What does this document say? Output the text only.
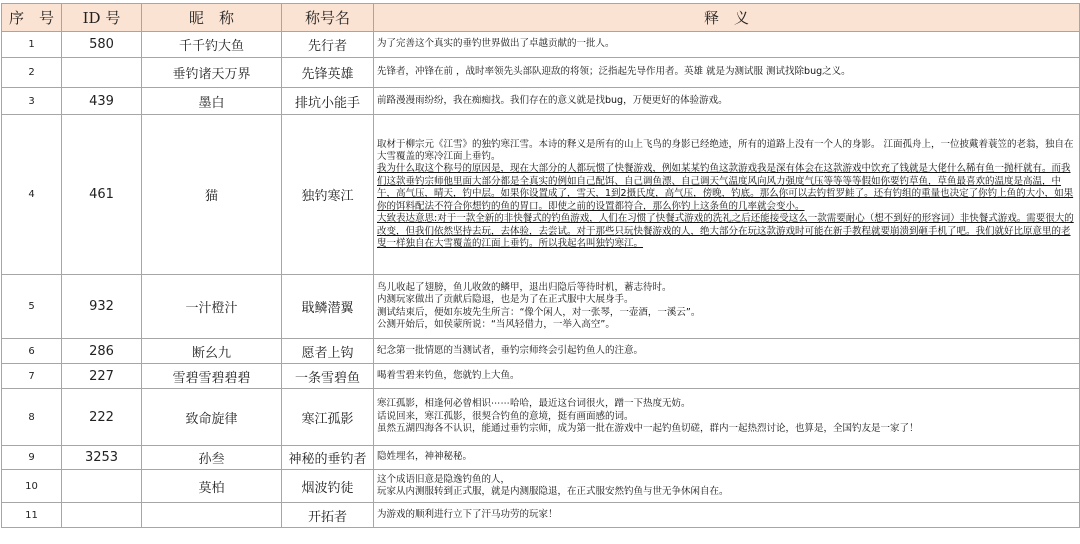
序　号	ID 号	昵　称	称号名	释　义
1	580	千千钓大鱼	先行者	为了完善这个真实的垂钓世界做出了卓越贡献的一批人。

2		垂钓诸天万界	先锋英雄	先锋者，冲锋在前 ，战时率领先头部队迎敌的将领；泛指起先导作用者。英雄 就是为测试服 测试找除bug之义。

3	439	墨白	排坑小能手	前路漫漫雨纷纷，我在痴痴找。我们存在的意义就是找bug，万便更好的体验游戏。

4	461	猫	独钓寒江	取材于柳宗元《江雪》的独钓寒江雪。本诗的释义是所有的山上飞鸟的身影已经绝迹，所有的道路上没有一个人的身影。 江面孤舟上，一位披戴着蓑笠的老翁，独自在大雪覆盖的寒冷江面上垂钓。
我为什么取这个称号的原因是，现在大部分的人都玩惯了快餐游戏，例如某某钓鱼这款游戏我是深有体会在这款游戏中饮充了钱就是大佬什么稀有鱼一抛杆就有。而我们这款垂钓宗师他里面大部分都是全真实的例如自己配饵、自己调鱼漂、自己调天气温度风向风力强度气压等等等等假如你要钓草鱼，草鱼最喜欢的温度是高温，中午，高气压，晴天，钓中层。如果你设置成了，雪天，1到2摄氏度，高气压，傍晚，钓底。那么你可以去钓哲罗鲑了。还有钓组的重量也决定了你钓上鱼的大小，如果你的饵料配法不符合你想钓的鱼的胃口。即使之前的设置都符合，那么你钓上这条鱼的几率就会变小。
大致表达意思:对于一款全新的非快餐式的钓鱼游戏，人们在习惯了快餐式游戏的洗礼之后还能接受这么一款需要耐心（想不到好的形容词）非快餐式游戏。需要很大的改变，但我们依然坚持去玩，去体验，去尝试。对于那些只玩快餐游戏的人，绝大部分在玩这款游戏时可能在新手教程就要崩溃到砸手机了吧。我们就好比原意里的老叟一样独自在大雪覆盖的江面上垂钓。所以我起名叫独钓寒江。

5	932	一汁橙汁	戢鳞潜翼	鸟儿收起了翅膀，鱼儿收敛的鳞甲，退出归隐后等待时机，蓄志待时。
内测玩家做出了贡献后隐退，也是为了在正式服中大展身手。
测试结束后，便如东坡先生所言：“像个闲人，对一张琴，一壶酒，一溪云”。
公测开始后，如侯蒙所说：“当风轻借力，一举入高空”。

6	286	断幺九	愿者上钩	纪念第一批情愿的当测试者，垂钓宗师终会引起钓鱼人的注意。

7	227	雪碧雪碧碧碧	一条雪碧鱼	喝着雪碧来钓鱼，您就钓上大鱼。

8	222	致命旋律	寒江孤影	寒江孤影，相逢何必曾相识⋯⋯哈哈，最近这台词很火，蹭一下热度无妨。
话说回来，寒江孤影，很契合钓鱼的意境，挺有画面感的词。
虽然五湖四海各不认识，能通过垂钓宗师，成为第一批在游戏中一起钓鱼切磋，群内一起热烈讨论，也算是，全国钓友是一家了！

9	3253	孙叁	神秘的垂钓者	隐姓埋名，神神秘秘。

10		莫柏	烟波钓徒	这个成语旧意是隐逸钓鱼的人，
玩家从内测服转到正式服，就是内测服隐退，在正式服安然钓鱼与世无争休闲自在。

11			开拓者	为游戏的顺利进行立下了汗马功劳的玩家！
